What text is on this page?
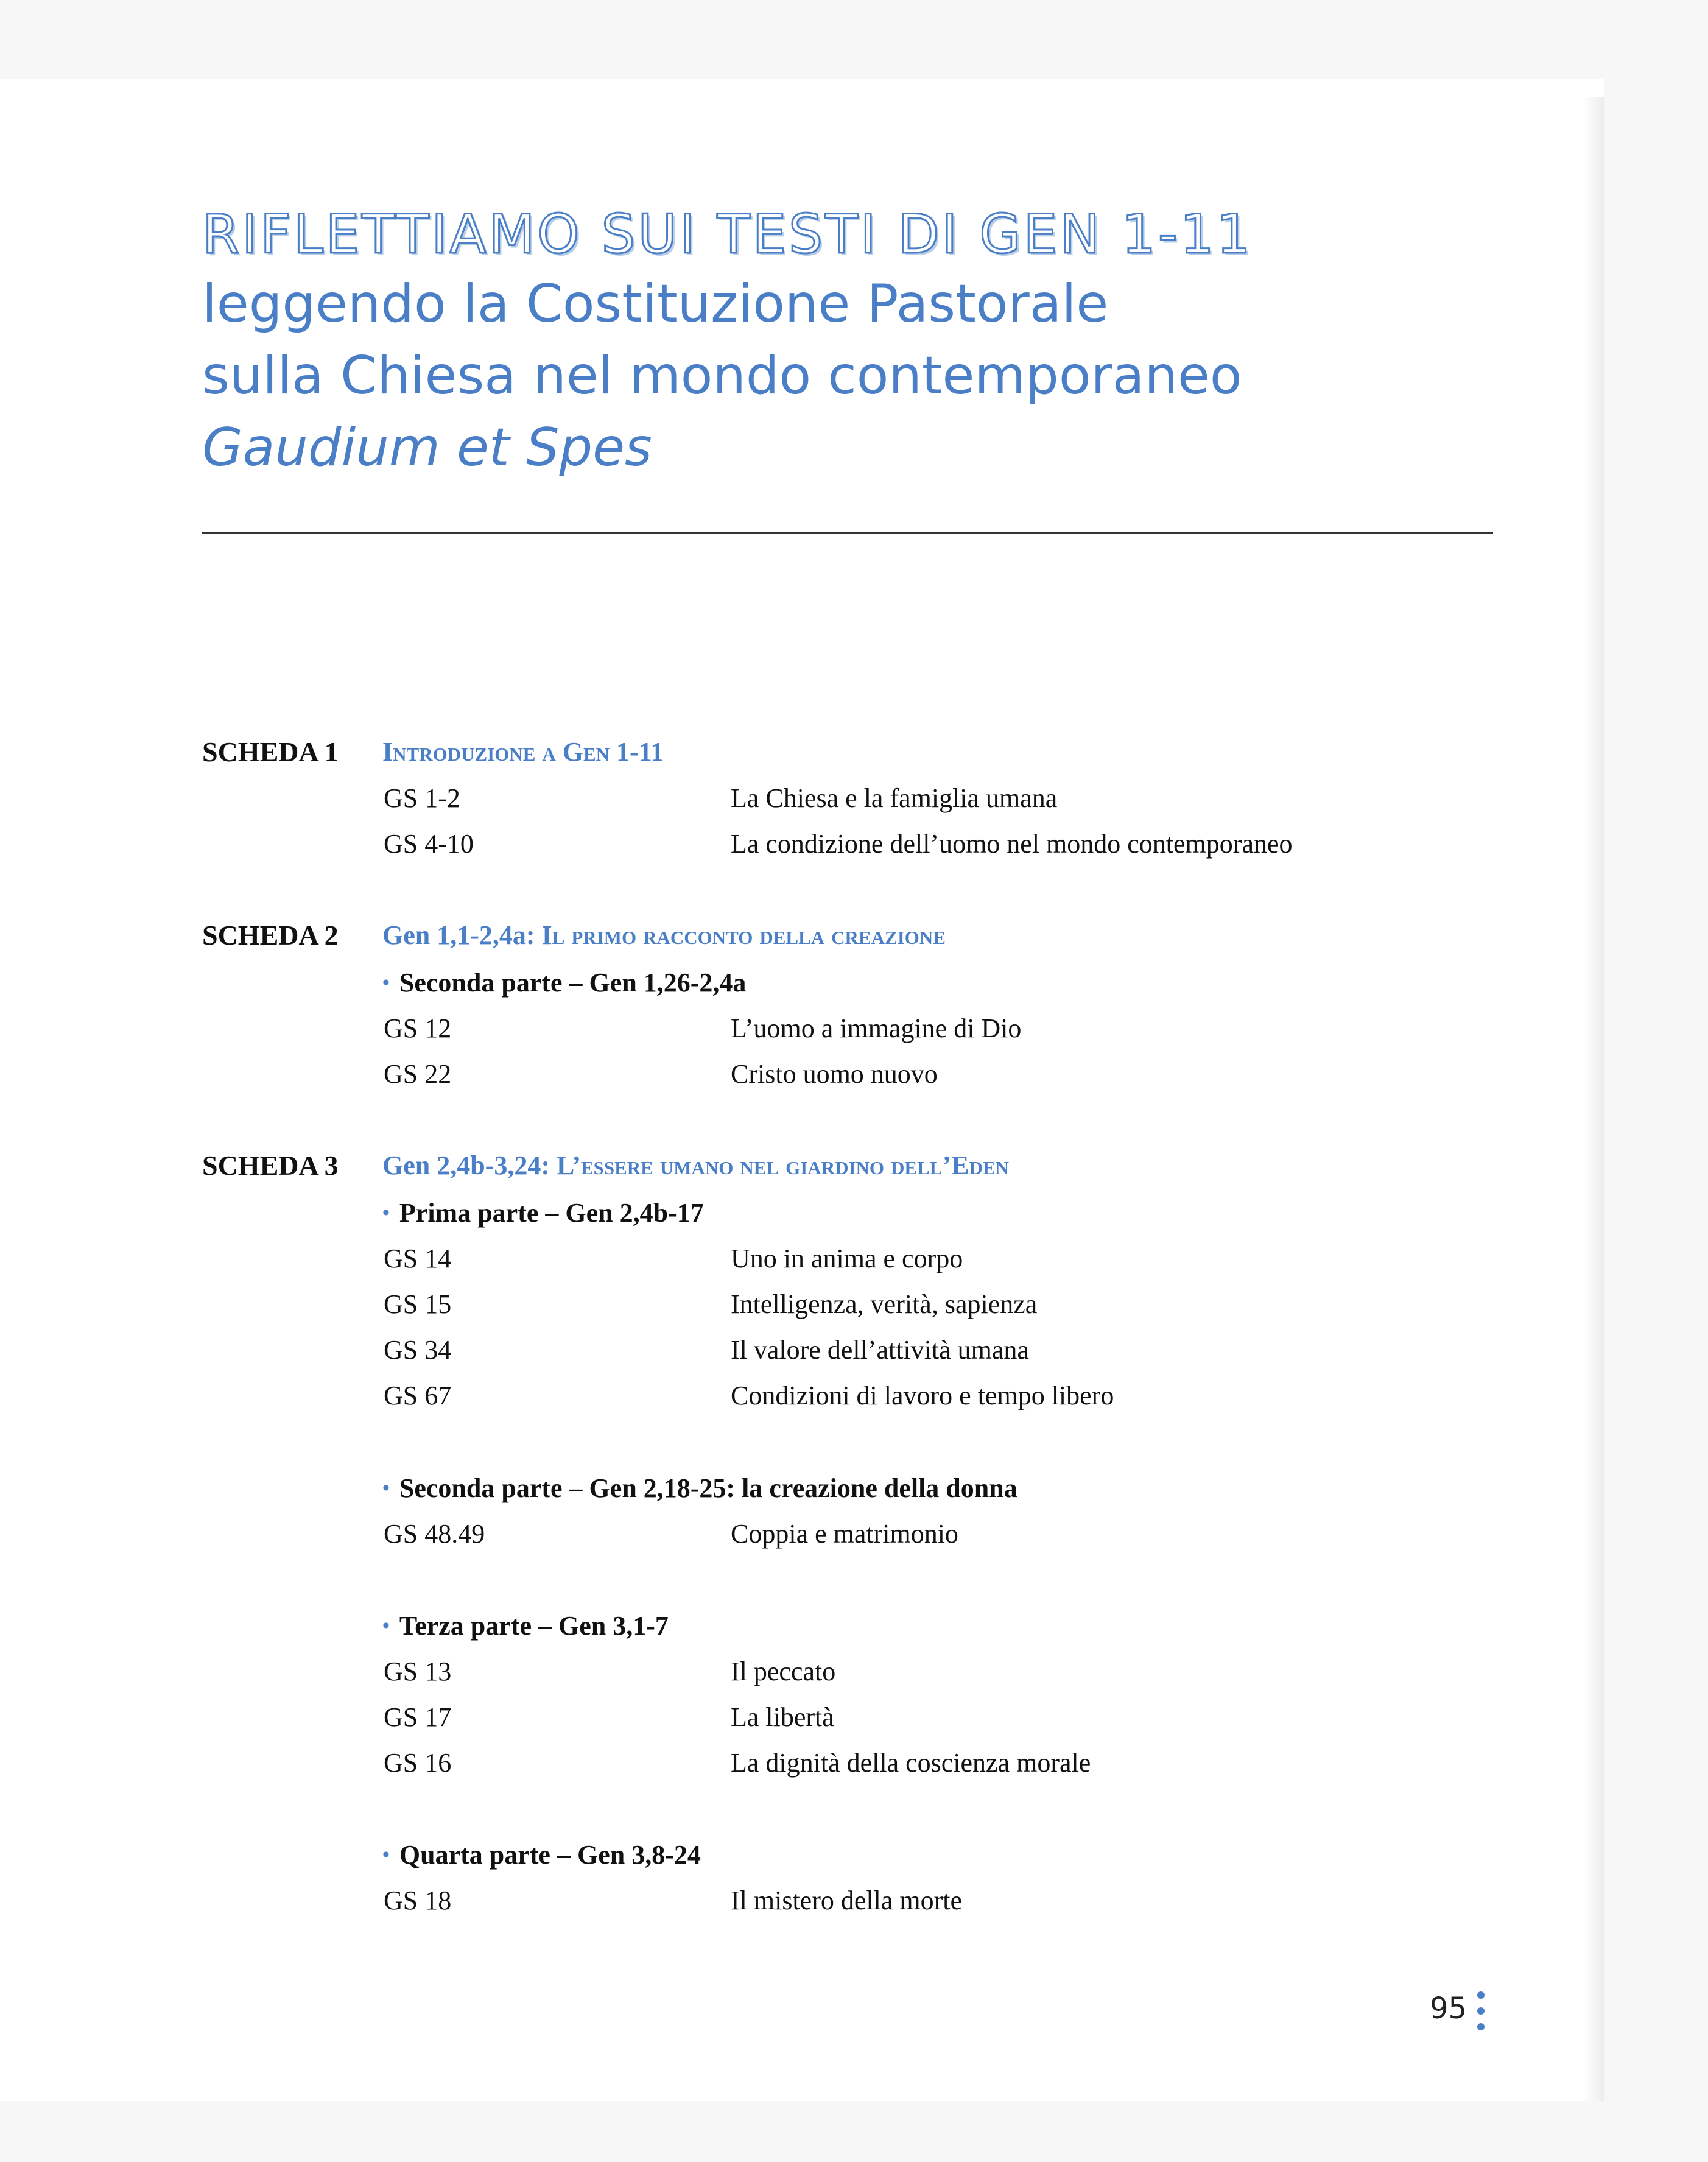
RIFLETTIAMO SUI TESTI DI GEN 1-11
leggendo la Costituzione Pastorale
sulla Chiesa nel mondo contemporaneo
Gaudium et Spes
SCHEDA 1 Introduzione a Gen 1-11
GS 1-2	La Chiesa e la famiglia umana
GS 4-10	La condizione dell’uomo nel mondo contemporaneo
SCHEDA 2 Gen 1,1-2,4a: Il primo racconto della creazione
• Seconda parte – Gen 1,26-2,4a
GS 12	L’uomo a immagine di Dio
GS 22	Cristo uomo nuovo
SCHEDA 3 Gen 2,4b-3,24: L’essere umano nel giardino dell’Eden
• Prima parte – Gen 2,4b-17
GS 14	Uno in anima e corpo
GS 15	Intelligenza, verità, sapienza
GS 34	Il valore dell’attività umana
GS 67	Condizioni di lavoro e tempo libero
• Seconda parte – Gen 2,18-25: la creazione della donna
GS 48.49	Coppia e matrimonio
• Terza parte – Gen 3,1-7
GS 13	Il peccato
GS 17	La libertà
GS 16	La dignità della coscienza morale
• Quarta parte – Gen 3,8-24
GS 18	Il mistero della morte
95
